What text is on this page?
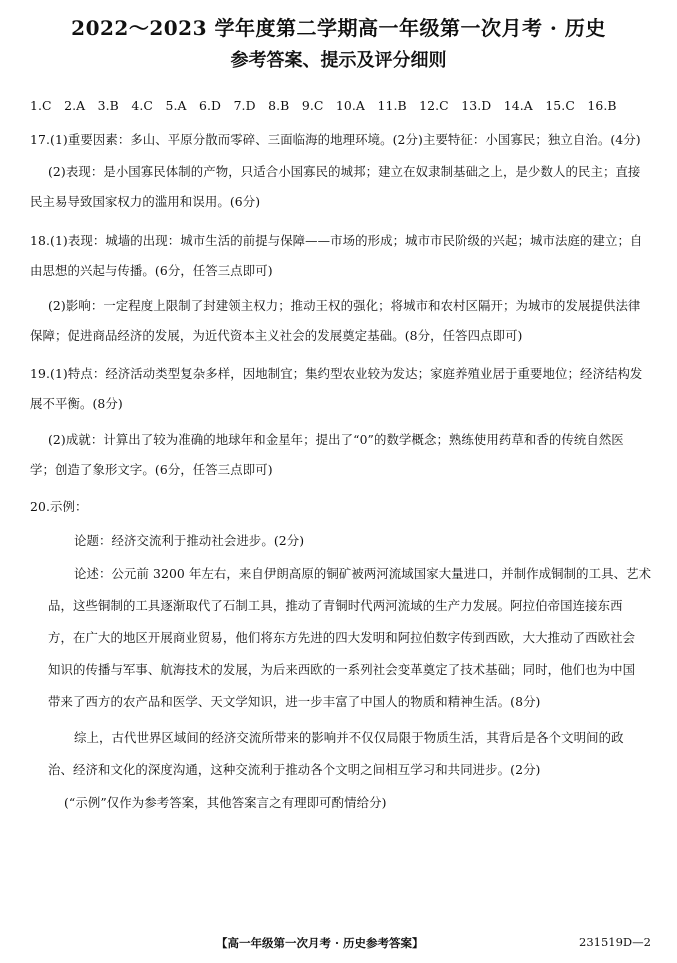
2022～2023 学年度第二学期高一年级第一次月考 · 历史
参考答案、提示及评分细则
1.C　2.A　3.B　4.C　5.A　6.D　7.D　8.B　9.C　10.A　11.B　12.C　13.D　14.A　15.C　16.B
17.(1)重要因素：多山、平原分散而零碎、三面临海的地理环境。(2分)主要特征：小国寡民；独立自治。(4分)
(2)表现：是小国寡民体制的产物，只适合小国寡民的城邦；建立在奴隶制基础之上，是少数人的民主；直接
民主易导致国家权力的滥用和误用。(6分)
18.(1)表现：城墙的出现：城市生活的前提与保障——市场的形成；城市市民阶级的兴起；城市法庭的建立；自
由思想的兴起与传播。(6分，任答三点即可)
(2)影响：一定程度上限制了封建领主权力；推动王权的强化；将城市和农村区隔开；为城市的发展提供法律
保障；促进商品经济的发展，为近代资本主义社会的发展奠定基础。(8分，任答四点即可)
19.(1)特点：经济活动类型复杂多样，因地制宜；集约型农业较为发达；家庭养殖业居于重要地位；经济结构发
展不平衡。(8分)
(2)成就：计算出了较为准确的地球年和金星年；提出了“0”的数学概念；熟练使用药草和香的传统自然医
学；创造了象形文字。(6分，任答三点即可)
20.示例：
论题：经济交流利于推动社会进步。(2分)
论述：公元前 3200 年左右，来自伊朗高原的铜矿被两河流域国家大量进口，并制作成铜制的工具、艺术
品，这些铜制的工具逐渐取代了石制工具，推动了青铜时代两河流域的生产力发展。阿拉伯帝国连接东西
方，在广大的地区开展商业贸易，他们将东方先进的四大发明和阿拉伯数字传到西欧，大大推动了西欧社会
知识的传播与军事、航海技术的发展，为后来西欧的一系列社会变革奠定了技术基础；同时，他们也为中国
带来了西方的农产品和医学、天文学知识，进一步丰富了中国人的物质和精神生活。(8分)
综上，古代世界区域间的经济交流所带来的影响并不仅仅局限于物质生活，其背后是各个文明间的政
治、经济和文化的深度沟通，这种交流利于推动各个文明之间相互学习和共同进步。(2分)
(“示例”仅作为参考答案，其他答案言之有理即可酌情给分)
【高一年级第一次月考 · 历史参考答案】	231519D—2
